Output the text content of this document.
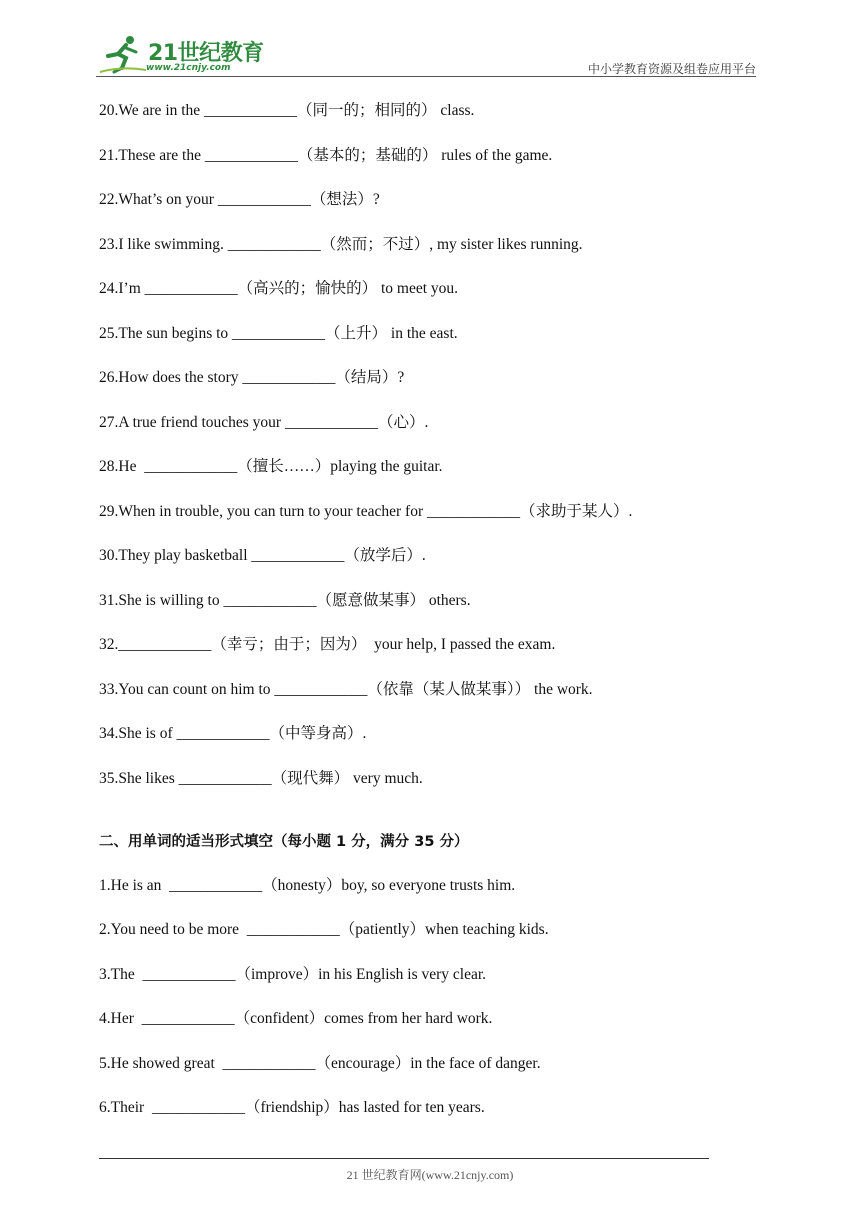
21世纪教育
www.21cnjy.com	中小学教育资源及组卷应用平台
20.We are in the ____________（同一的；相同的） class.
21.These are the ____________（基本的；基础的） rules of the game.
22.What’s on your ____________（想法）?
23.I like swimming. ____________（然而；不过）, my sister likes running.
24.I’m ____________（高兴的；愉快的） to meet you.
25.The sun begins to ____________（上升） in the east.
26.How does the story ____________（结局）?
27.A true friend touches your ____________（心）.
28.He  ____________（擅长……）playing the guitar.
29.When in trouble, you can turn to your teacher for ____________（求助于某人）.
30.They play basketball ____________（放学后）.
31.She is willing to ____________（愿意做某事） others.
32.____________（幸亏；由于；因为）  your help, I passed the exam.
33.You can count on him to ____________（依靠（某人做某事）） the work.
34.She is of ____________（中等身高）.
35.She likes ____________（现代舞） very much.
二、用单词的适当形式填空（每小题 1 分，满分 35 分）
1.He is an  ____________（honesty）boy, so everyone trusts him.
2.You need to be more  ____________（patiently）when teaching kids.
3.The  ____________（improve）in his English is very clear.
4.Her  ____________（confident）comes from her hard work.
5.He showed great  ____________（encourage）in the face of danger.
6.Their  ____________（friendship）has lasted for ten years.
21 世纪教育网(www.21cnjy.com)
